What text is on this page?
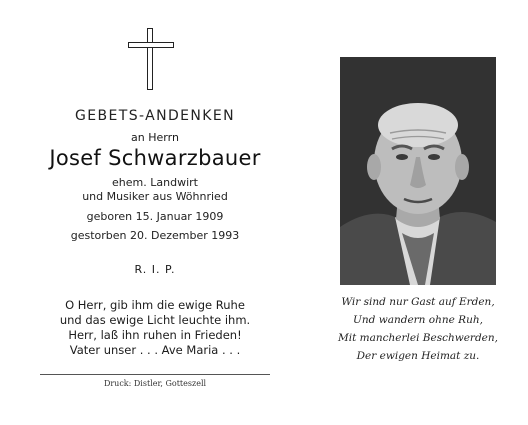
GEBETS-ANDENKEN
an Herrn
Josef Schwarzbauer
ehem. Landwirt
und Musiker aus Wöhnried
geboren 15. Januar 1909
gestorben 20. Dezember 1993
R. I. P.
O Herr, gib ihm die ewige Ruhe
und das ewige Licht leuchte ihm.
Herr, laß ihn ruhen in Frieden!
Vater unser . . . Ave Maria . . .
Druck: Distler, Gotteszell
Wir sind nur Gast auf Erden,
Und wandern ohne Ruh,
Mit mancherlei Beschwerden,
Der ewigen Heimat zu.
